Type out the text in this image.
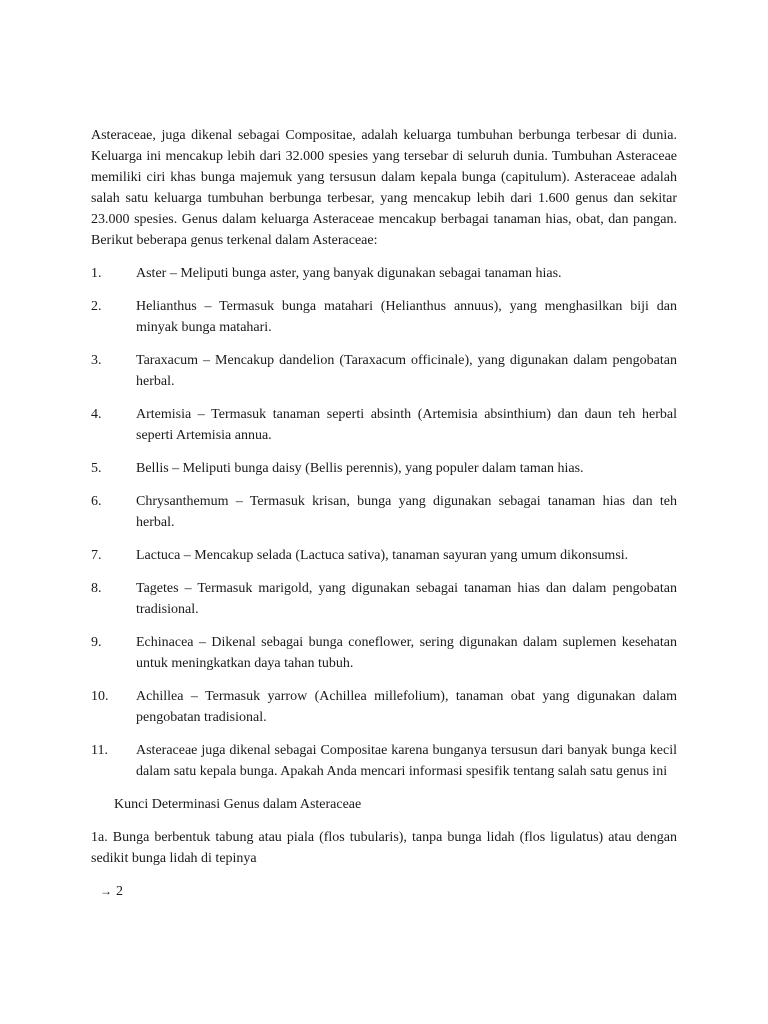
Asteraceae, juga dikenal sebagai Compositae, adalah keluarga tumbuhan berbunga terbesar di dunia. Keluarga ini mencakup lebih dari 32.000 spesies yang tersebar di seluruh dunia. Tumbuhan Asteraceae memiliki ciri khas bunga majemuk yang tersusun dalam kepala bunga (capitulum). Asteraceae adalah salah satu keluarga tumbuhan berbunga terbesar, yang mencakup lebih dari 1.600 genus dan sekitar 23.000 spesies. Genus dalam keluarga Asteraceae mencakup berbagai tanaman hias, obat, dan pangan. Berikut beberapa genus terkenal dalam Asteraceae:

1.	Aster – Meliputi bunga aster, yang banyak digunakan sebagai tanaman hias.
2.	Helianthus – Termasuk bunga matahari (Helianthus annuus), yang menghasilkan biji dan minyak bunga matahari.
3.	Taraxacum – Mencakup dandelion (Taraxacum officinale), yang digunakan dalam pengobatan herbal.
4.	Artemisia – Termasuk tanaman seperti absinth (Artemisia absinthium) dan daun teh herbal seperti Artemisia annua.
5.	Bellis – Meliputi bunga daisy (Bellis perennis), yang populer dalam taman hias.
6.	Chrysanthemum – Termasuk krisan, bunga yang digunakan sebagai tanaman hias dan teh herbal.
7.	Lactuca – Mencakup selada (Lactuca sativa), tanaman sayuran yang umum dikonsumsi.
8.	Tagetes – Termasuk marigold, yang digunakan sebagai tanaman hias dan dalam pengobatan tradisional.
9.	Echinacea – Dikenal sebagai bunga coneflower, sering digunakan dalam suplemen kesehatan untuk meningkatkan daya tahan tubuh.
10.	Achillea – Termasuk yarrow (Achillea millefolium), tanaman obat yang digunakan dalam pengobatan tradisional.
11.	Asteraceae juga dikenal sebagai Compositae karena bunganya tersusun dari banyak bunga kecil dalam satu kepala bunga. Apakah Anda mencari informasi spesifik tentang salah satu genus ini

Kunci Determinasi Genus dalam Asteraceae

1a. Bunga berbentuk tabung atau piala (flos tubularis), tanpa bunga lidah (flos ligulatus) atau dengan sedikit bunga lidah di tepinya

→ 2
